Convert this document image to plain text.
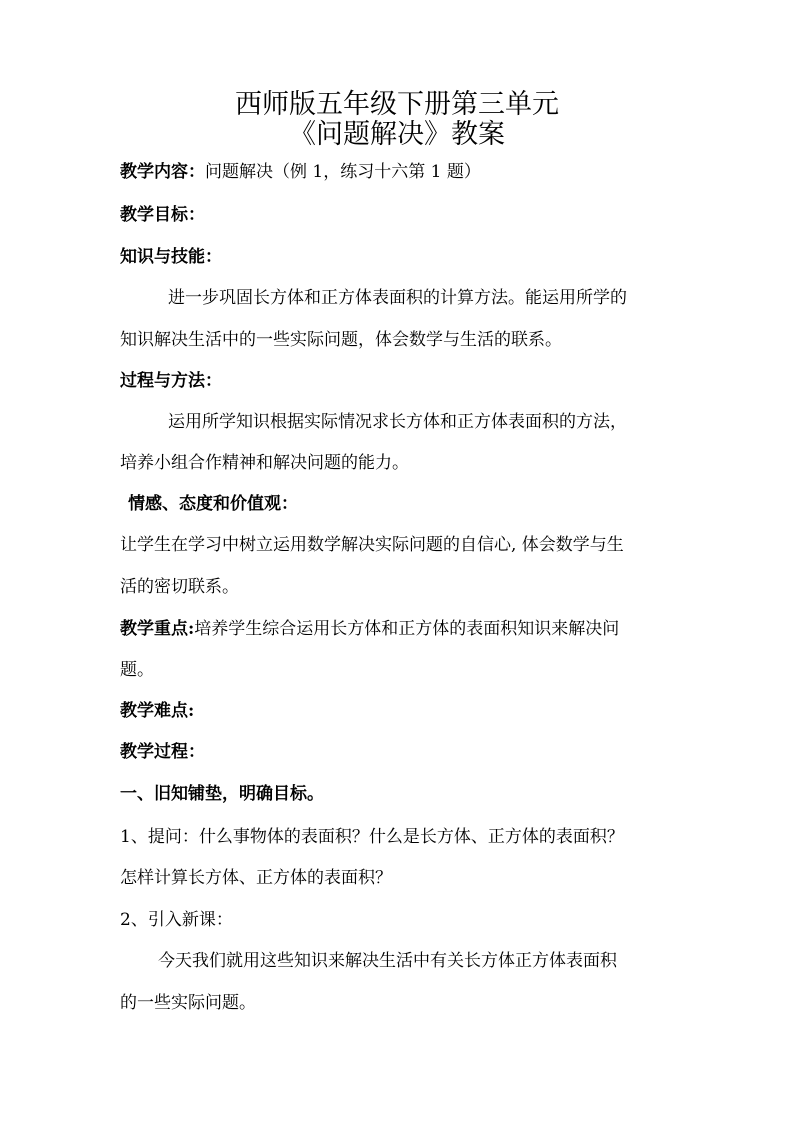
西师版五年级下册第三单元
《问题解决》教案
教学内容：问题解决（例 1，练习十六第 1 题）
教学目标：
知识与技能：
进一步巩固长方体和正方体表面积的计算方法。能运用所学的
知识解决生活中的一些实际问题，体会数学与生活的联系。
过程与方法：
运用所学知识根据实际情况求长方体和正方体表面积的方法，
培养小组合作精神和解决问题的能力。
情感、态度和价值观：
让学生在学习中树立运用数学解决实际问题的自信心, 体会数学与生
活的密切联系。
教学重点:培养学生综合运用长方体和正方体的表面积知识来解决问
题。
教学难点:
教学过程：
一、旧知铺垫，明确目标。
1、提问：什么事物体的表面积？什么是长方体、正方体的表面积？
怎样计算长方体、正方体的表面积？
2、引入新课：
今天我们就用这些知识来解决生活中有关长方体正方体表面积
的一些实际问题。
